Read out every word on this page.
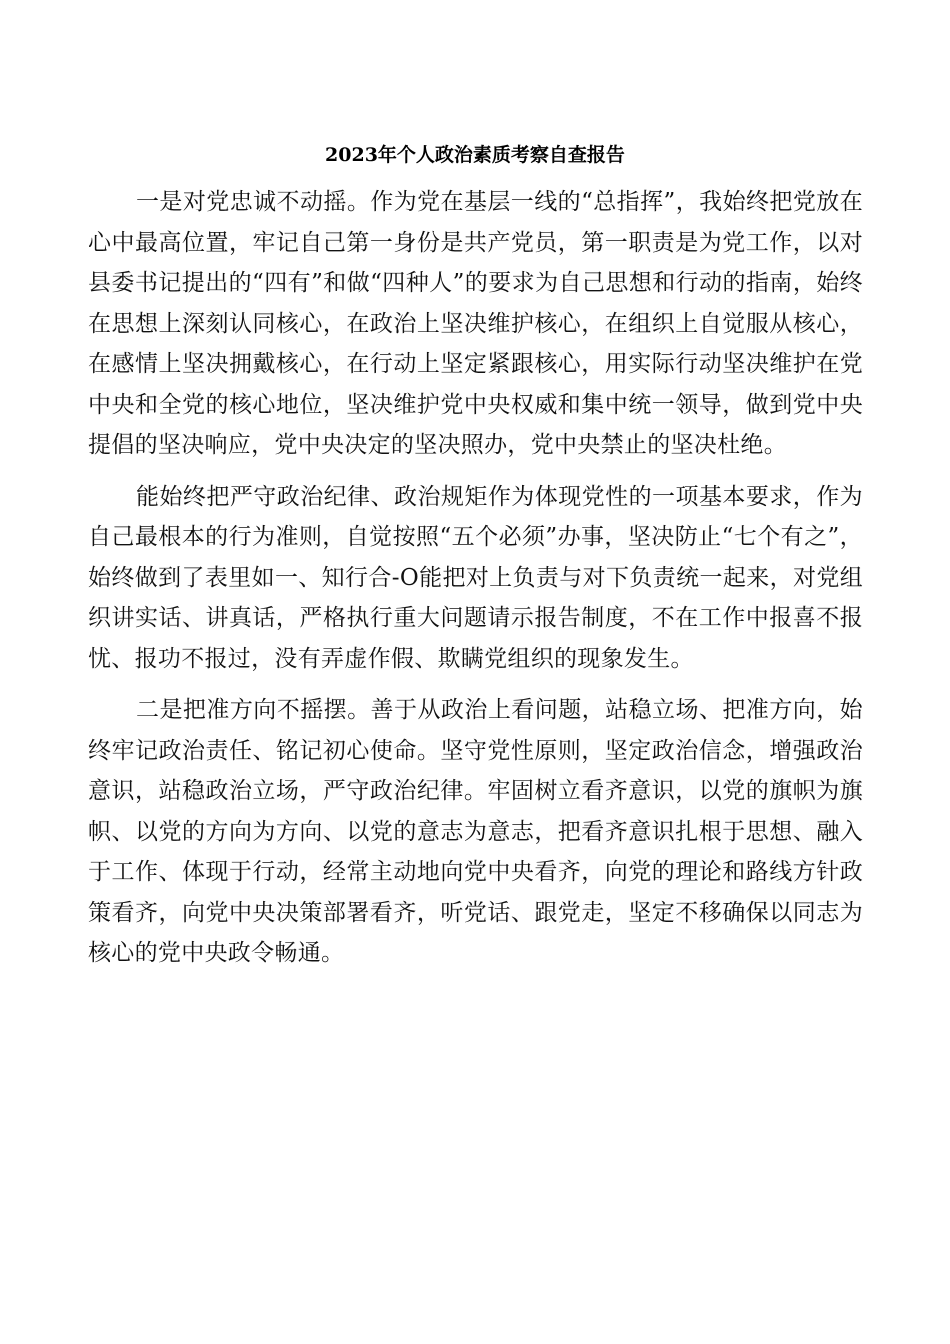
2023年个人政治素质考察自查报告

一是对党忠诚不动摇。作为党在基层一线的“总指挥”，我始终把党放在心中最高位置，牢记自己第一身份是共产党员，第一职责是为党工作，以对县委书记提出的“四有”和做“四种人”的要求为自己思想和行动的指南，始终在思想上深刻认同核心，在政治上坚决维护核心，在组织上自觉服从核心，在感情上坚决拥戴核心，在行动上坚定紧跟核心，用实际行动坚决维护在党中央和全党的核心地位，坚决维护党中央权威和集中统一领导，做到党中央提倡的坚决响应，党中央决定的坚决照办，党中央禁止的坚决杜绝。

能始终把严守政治纪律、政治规矩作为体现党性的一项基本要求，作为自己最根本的行为准则，自觉按照“五个必须”办事，坚决防止“七个有之”，始终做到了表里如一、知行合-O能把对上负责与对下负责统一起来，对党组织讲实话、讲真话，严格执行重大问题请示报告制度，不在工作中报喜不报忧、报功不报过，没有弄虚作假、欺瞒党组织的现象发生。

二是把准方向不摇摆。善于从政治上看问题，站稳立场、把准方向，始终牢记政治责任、铭记初心使命。坚守党性原则，坚定政治信念，增强政治意识，站稳政治立场，严守政治纪律。牢固树立看齐意识，以党的旗帜为旗帜、以党的方向为方向、以党的意志为意志，把看齐意识扎根于思想、融入于工作、体现于行动，经常主动地向党中央看齐，向党的理论和路线方针政策看齐，向党中央决策部署看齐，听党话、跟党走，坚定不移确保以同志为核心的党中央政令畅通。
